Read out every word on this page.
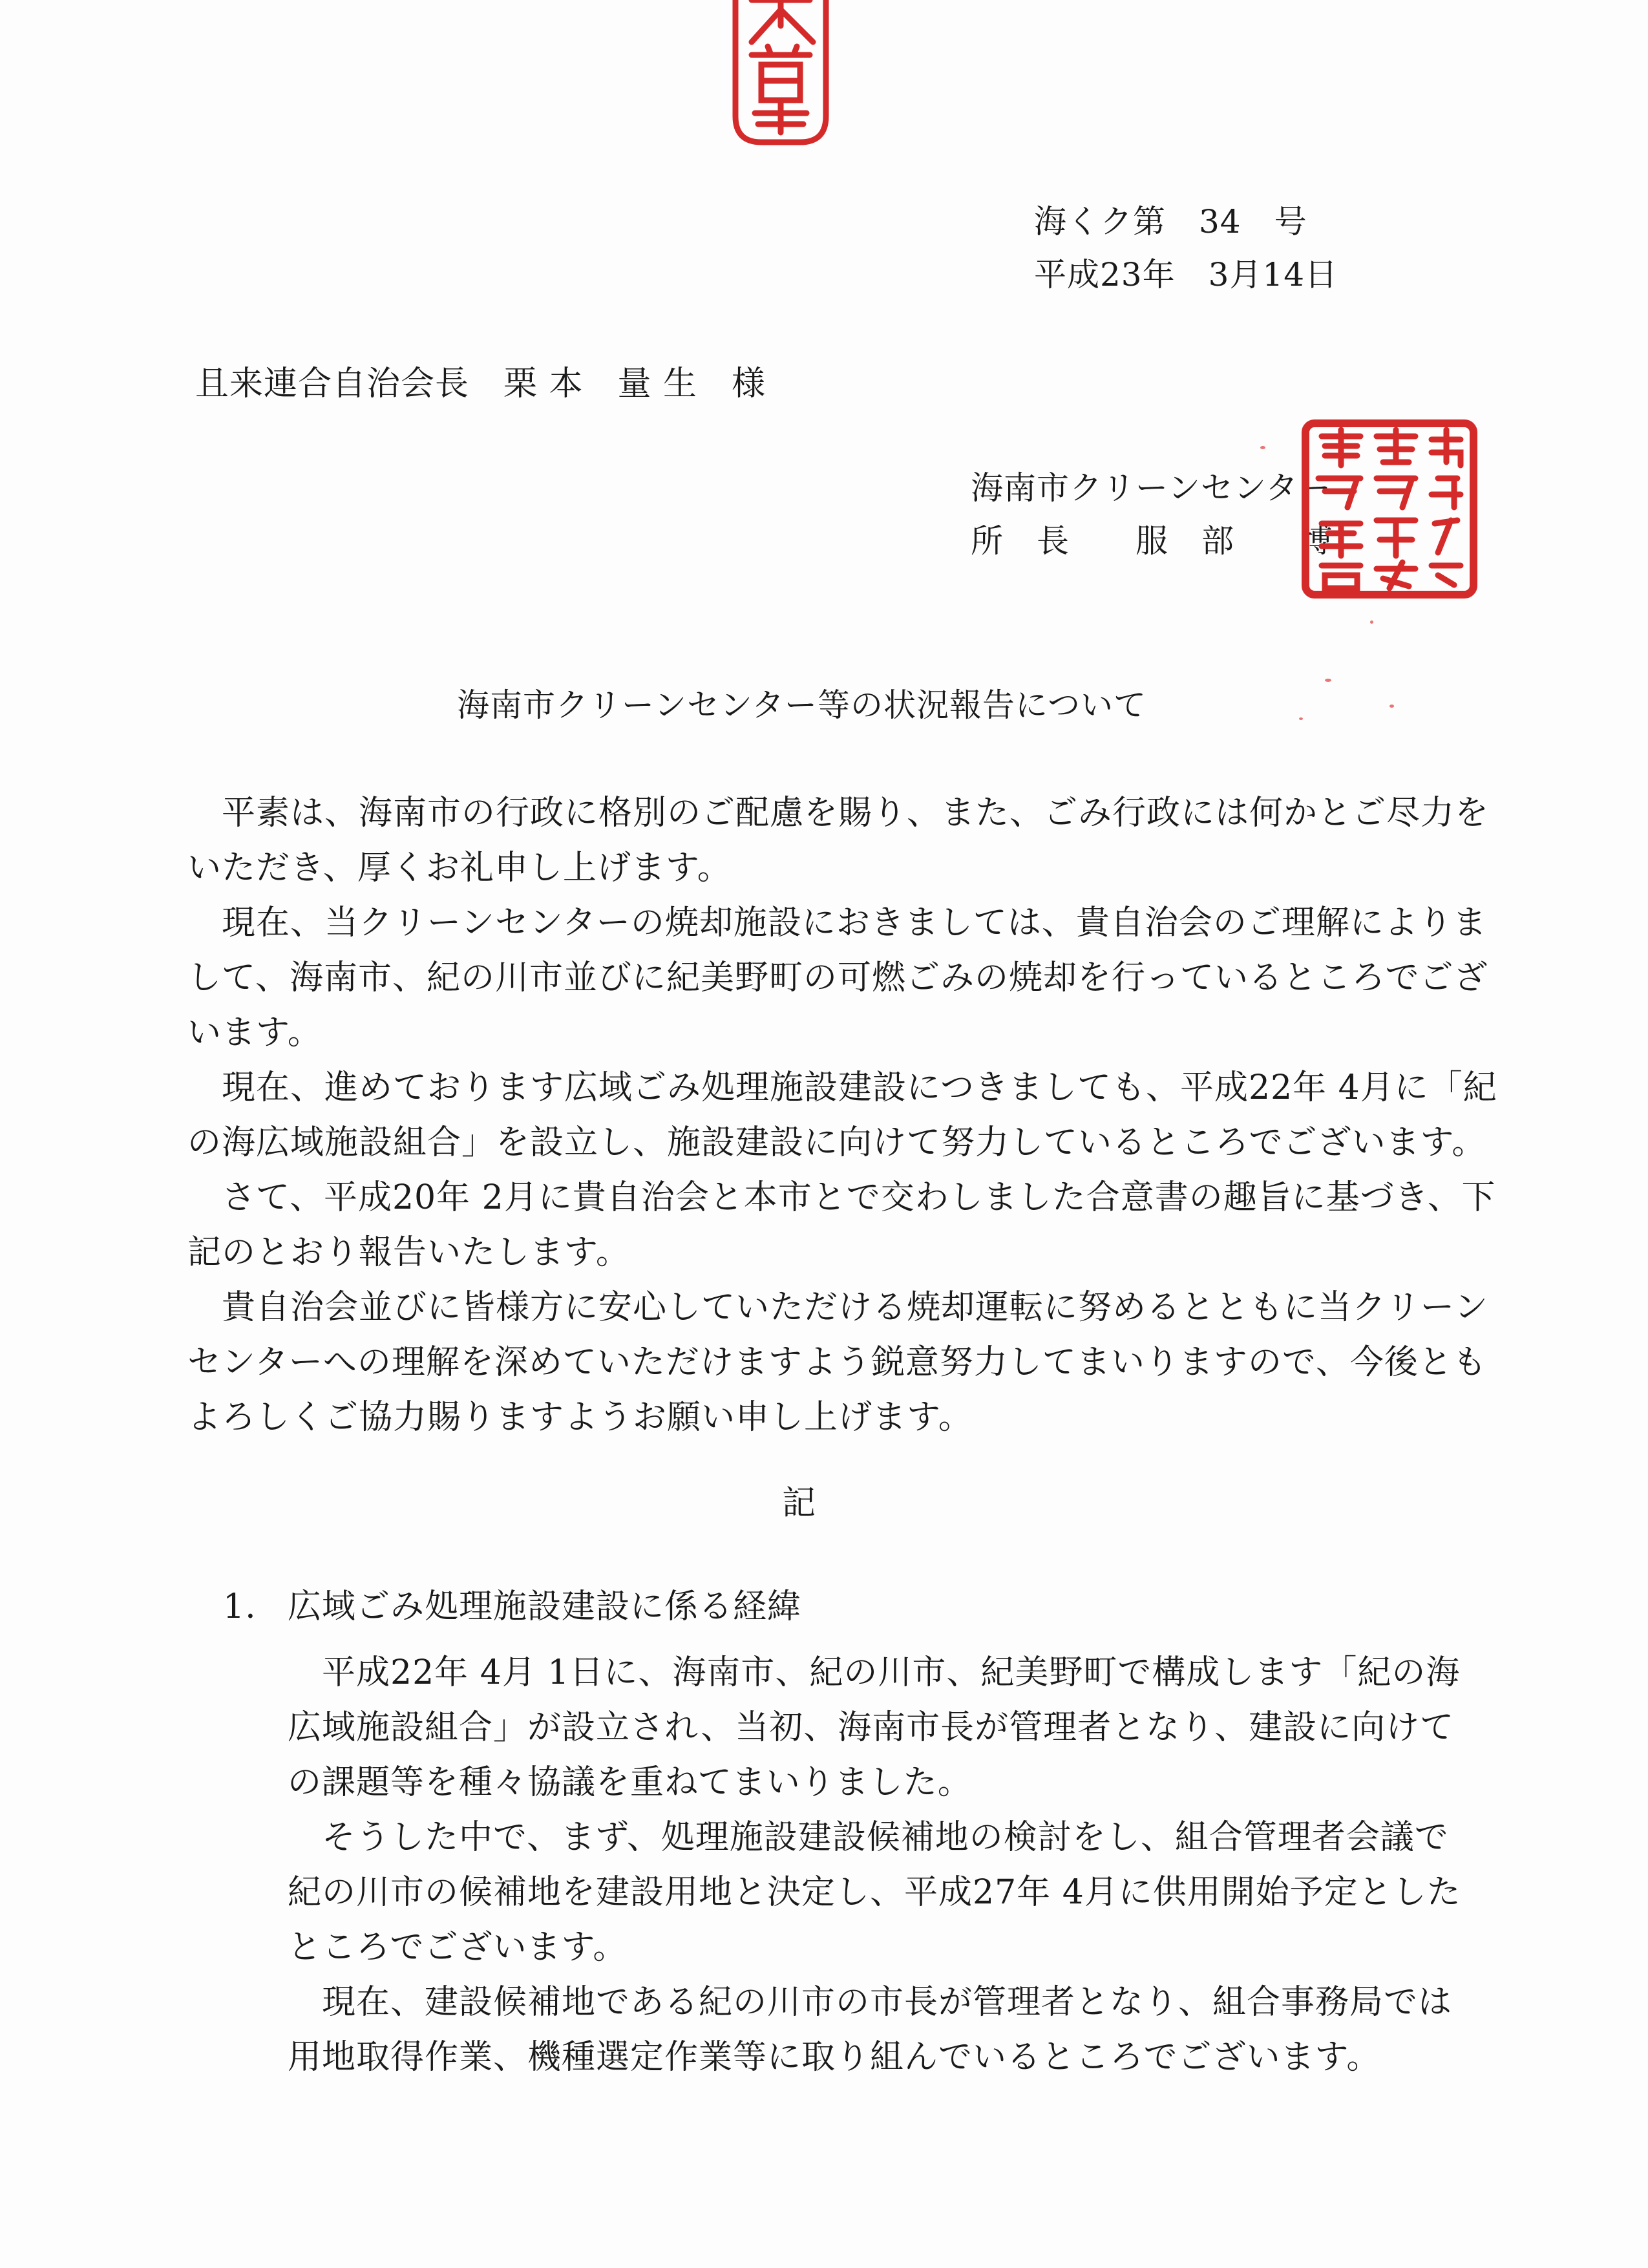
海くク第　34　号
平成23年　3月14日
且来連合自治会長　栗 本　量 生　様
海南市クリーンセンター
所　長　　服　部　　博
海南市クリーンセンター等の状況報告について
　平素は、海南市の行政に格別のご配慮を賜り、また、ごみ行政には何かとご尽力を
いただき、厚くお礼申し上げます。
　現在、当クリーンセンターの焼却施設におきましては、貴自治会のご理解によりま
して、海南市、紀の川市並びに紀美野町の可燃ごみの焼却を行っているところでござ
います。
　現在、進めております広域ごみ処理施設建設につきましても、平成22年 4月に「紀
の海広域施設組合」を設立し、施設建設に向けて努力しているところでございます。
　さて、平成20年 2月に貴自治会と本市とで交わしました合意書の趣旨に基づき、下
記のとおり報告いたします。
　貴自治会並びに皆様方に安心していただける焼却運転に努めるとともに当クリーン
センターへの理解を深めていただけますよう鋭意努力してまいりますので、今後とも
よろしくご協力賜りますようお願い申し上げます。
記
1. 広域ごみ処理施設建設に係る経緯
　平成22年 4月 1日に、海南市、紀の川市、紀美野町で構成します「紀の海
広域施設組合」が設立され、当初、海南市長が管理者となり、建設に向けて
の課題等を種々協議を重ねてまいりました。
　そうした中で、まず、処理施設建設候補地の検討をし、組合管理者会議で
紀の川市の候補地を建設用地と決定し、平成27年 4月に供用開始予定とした
ところでございます。
　現在、建設候補地である紀の川市の市長が管理者となり、組合事務局では
用地取得作業、機種選定作業等に取り組んでいるところでございます。
